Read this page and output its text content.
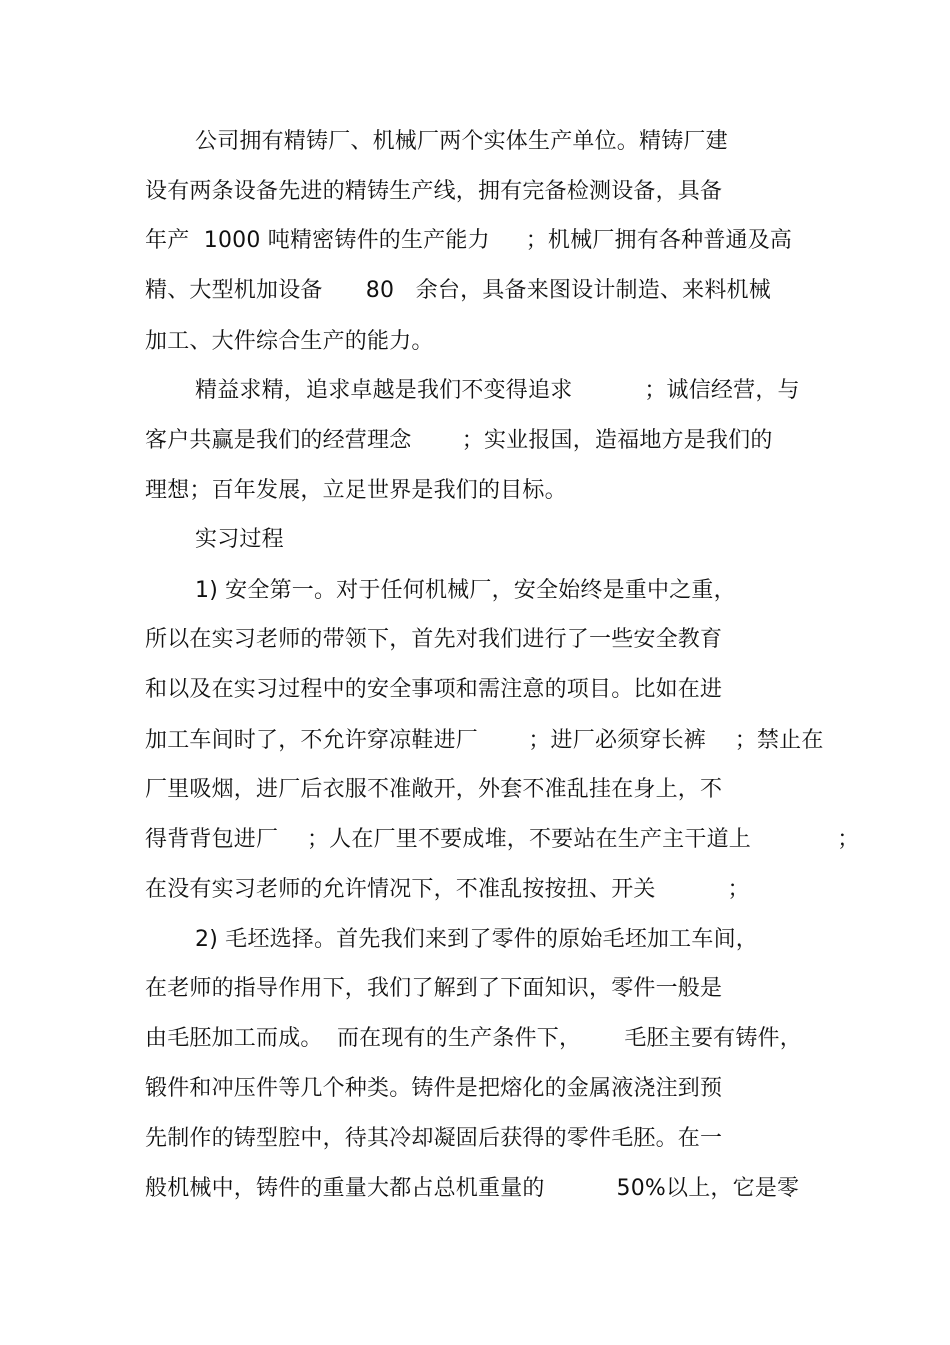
公司拥有精铸厂、机械厂两个实体生产单位。精铸厂建
设有两条设备先进的精铸生产线，拥有完备检测设备，具备
年产  1000 吨精密铸件的生产能力     ；机械厂拥有各种普通及高
精、大型机加设备      80   余台，具备来图设计制造、来料机械
加工、大件综合生产的能力。
精益求精，追求卓越是我们不变得追求          ；诚信经营，与
客户共赢是我们的经营理念       ；实业报国，造福地方是我们的
理想；百年发展，立足世界是我们的目标。
实习过程
1) 安全第一。对于任何机械厂，安全始终是重中之重，
所以在实习老师的带领下，首先对我们进行了一些安全教育
和以及在实习过程中的安全事项和需注意的项目。比如在进
加工车间时了，不允许穿凉鞋进厂       ；进厂必须穿长裤    ；禁止在
厂里吸烟，进厂后衣服不准敞开，外套不准乱挂在身上，不
得背背包进厂    ；人在厂里不要成堆，不要站在生产主干道上            ；
在没有实习老师的允许情况下，不准乱按按扭、开关          ；
2) 毛坯选择。首先我们来到了零件的原始毛坯加工车间，
在老师的指导作用下，我们了解到了下面知识，零件一般是
由毛胚加工而成。  而在现有的生产条件下，      毛胚主要有铸件，
锻件和冲压件等几个种类。铸件是把熔化的金属液浇注到预
先制作的铸型腔中，待其冷却凝固后获得的零件毛胚。在一
般机械中，铸件的重量大都占总机重量的          50%以上，它是零
